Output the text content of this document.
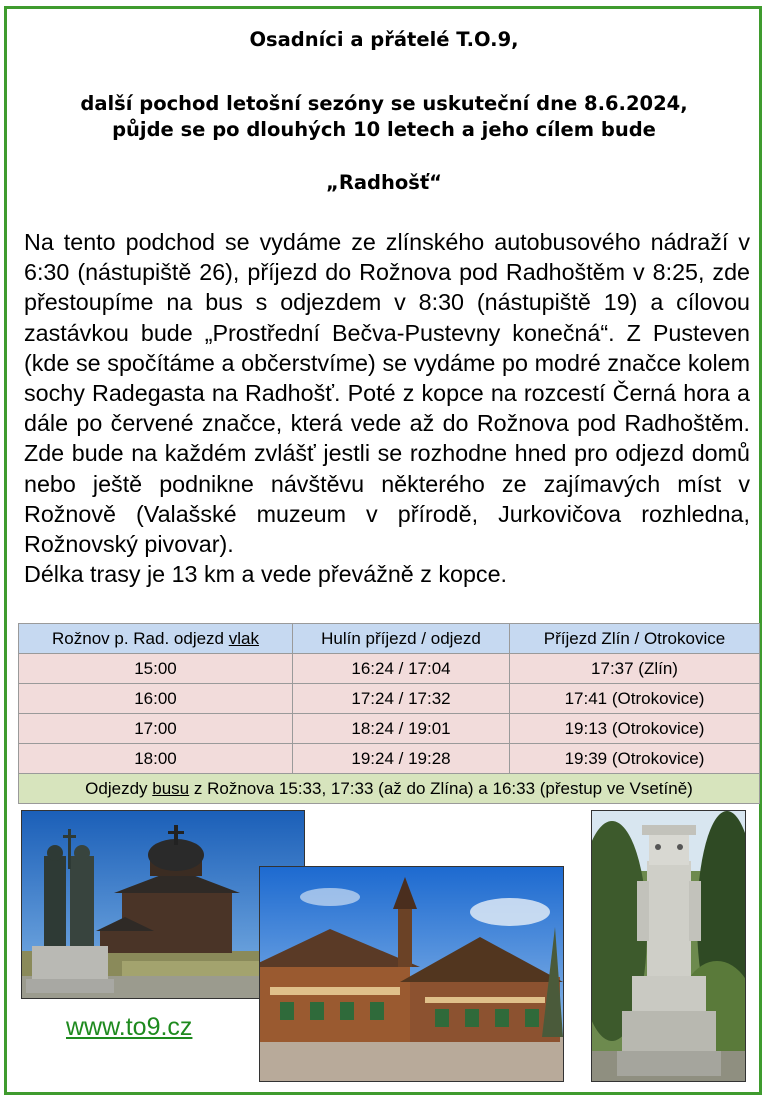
Osadníci a přátelé T.O.9,
další pochod letošní sezóny se uskuteční dne 8.6.2024,
půjde se po dlouhých 10 letech a jeho cílem bude
„Radhošť“

Na tento podchod se vydáme ze zlínského autobusového nádraží v 6:30 (nástupiště 26), příjezd do Rožnova pod Radhoštěm v 8:25, zde přestoupíme na bus s odjezdem v 8:30 (nástupiště 19) a cílovou zastávkou bude „Prostřední Bečva-Pustevny konečná“. Z Pusteven (kde se spočítáme a občerstvíme) se vydáme po modré značce kolem sochy Radegasta na Radhošť. Poté z kopce na rozcestí Černá hora a dále po červené značce, která vede až do Rožnova pod Radhoštěm. Zde bude na každém zvlášť jestli se rozhodne hned pro odjezd domů nebo ještě podnikne návštěvu některého ze zajímavých míst v Rožnově (Valašské muzeum v přírodě, Jurkovičova rozhledna, Rožnovský pivovar).

Délka trasy je 13 km a vede převážně z kopce.

Rožnov p. Rad. odjezd vlak	Hulín příjezd / odjezd	Příjezd Zlín / Otrokovice
15:00	16:24 / 17:04	17:37 (Zlín)
16:00	17:24 / 17:32	17:41 (Otrokovice)
17:00	18:24 / 19:01	19:13 (Otrokovice)
18:00	19:24 / 19:28	19:39 (Otrokovice)
Odjezdy busu z Rožnova 15:33, 17:33 (až do Zlína) a 16:33 (přestup ve Vsetíně)		
www.to9.cz
